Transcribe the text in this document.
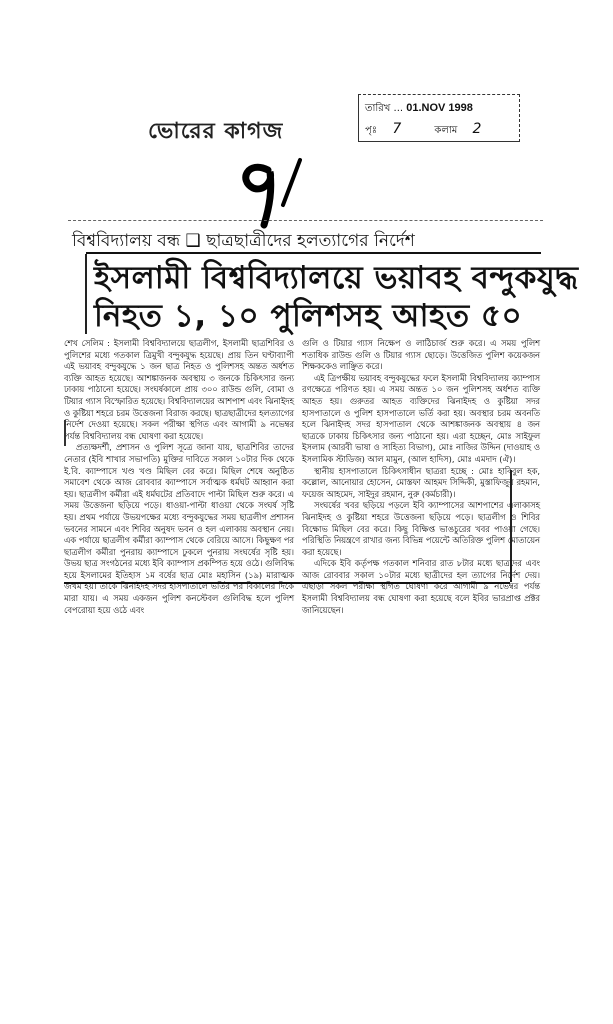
ভোরের কাগজ
তারিখ ... 01.NOV 1998
পৃঃ 7	কলাম 2
বিশ্ববিদ্যালয় বন্ধ ❑ ছাত্রছাত্রীদের হলত্যাগের নির্দেশ
ইসলামী বিশ্ববিদ্যালয়ে ভয়াবহ বন্দুকযুদ্ধ
নিহত ১, ১০ পুলিশসহ আহত ৫০

শেখ সেলিম : ইসলামী বিশ্ববিদ্যালয়ে ছাত্রলীগ, ইসলামী ছাত্রশিবির ও পুলিশের মধ্যে গতকাল ত্রিমুখী বন্দুকযুদ্ধ হয়েছে। প্রায় তিন ঘণ্টাব্যাপী এই ভয়াবহ বন্দুকযুদ্ধে ১ জন ছাত্র নিহত ও পুলিশসহ অন্তত অর্ধশত ব্যক্তি আহত হয়েছে। আশঙ্কাজনক অবস্থায় ৩ জনকে চিকিৎসার জন্য ঢাকায় পাঠানো হয়েছে। সংঘর্ষকালে প্রায় ৩০০ রাউন্ড গুলি, বোমা ও টিয়ার গ্যাস বিস্ফোরিত হয়েছে। বিশ্ববিদ্যালয়ের আশপাশ এবং ঝিনাইদহ ও কুষ্টিয়া শহরে চরম উত্তেজনা বিরাজ করছে। ছাত্রছাত্রীদের হলত্যাগের নির্দেশ দেওয়া হয়েছে। সকল পরীক্ষা স্থগিত এবং আগামী ৯ নভেম্বর পর্যন্ত বিশ্ববিদ্যালয় বন্ধ ঘোষণা করা হয়েছে।

প্রত্যক্ষদর্শী, প্রশাসন ও পুলিশ সূত্রে জানা যায়, ছাত্রশিবির তাদের নেতার (ইবি শাখার সভাপতি) মুক্তির দাবিতে সকাল ১০টার দিক থেকে ই.বি. ক্যাম্পাসে খণ্ড খণ্ড মিছিল বের করে। মিছিল শেষে অনুষ্ঠিত সমাবেশ থেকে আজ রোববার ক্যাম্পাসে সর্বাত্মক ধর্মঘট আহ্বান করা হয়। ছাত্রলীগ কর্মীরা এই ধর্মঘটের প্রতিবাদে পাল্টা মিছিল শুরু করে। এ সময় উত্তেজনা ছড়িয়ে পড়ে। ধাওয়া-পাল্টা ধাওয়া থেকে সংঘর্ষ সৃষ্টি হয়। প্রথম পর্যায়ে উভয়পক্ষের মধ্যে বন্দুকযুদ্ধের সময় ছাত্রলীগ প্রশাসন ভবনের সামনে এবং শিবির অনুষদ ভবন ও হল এলাকায় অবস্থান নেয়। এক পর্যায়ে ছাত্রলীগ কর্মীরা ক্যাম্পাস থেকে বেরিয়ে আসে। কিছুক্ষণ পর ছাত্রলীগ কর্মীরা পুনরায় ক্যাম্পাসে ঢুকলে পুনরায় সংঘর্ষের সৃষ্টি হয়। উভয় ছাত্র সংগঠনের মধ্যে ইবি ক্যাম্পাস প্রকম্পিত হয়ে ওঠে। গুলিবিদ্ধ হয়ে ইসলামের ইতিহাস ১ম বর্ষের ছাত্র মোঃ মহাসিন (১৯) মারাত্মক জখম হয়। তাকে ঝিনাইদহ সদর হাসপাতালে ভর্তির পর বিকালের দিকে মারা যায়। এ সময় একজন পুলিশ কনস্টেবল গুলিবিদ্ধ হলে পুলিশ বেপরোয়া হয়ে ওঠে এবং

গুলি ও টিয়ার গ্যাস নিক্ষেপ ও লাঠিচার্জ শুরু করে। এ সময় পুলিশ শতাধিক রাউন্ড গুলি ও টিয়ার গ্যাস ছোড়ে। উত্তেজিত পুলিশ কয়েকজন শিক্ষককেও লাঞ্ছিত করে।

এই ত্রিপক্ষীয় ভয়াবহ বন্দুকযুদ্ধের ফলে ইসলামী বিশ্ববিদ্যালয় ক্যাম্পাস রণক্ষেত্রে পরিণত হয়। এ সময় অন্তত ১০ জন পুলিশসহ অর্ধশত ব্যক্তি আহত হয়। গুরুতর আহত ব্যক্তিদের ঝিনাইদহ ও কুষ্টিয়া সদর হাসপাতালে ও পুলিশ হাসপাতালে ভর্তি করা হয়। অবস্থার চরম অবনতি হলে ঝিনাইদহ সদর হাসপাতাল থেকে আশঙ্কাজনক অবস্থায় ৪ জন ছাত্রকে ঢাকায় চিকিৎসার জন্য পাঠানো হয়। এরা হচ্ছেন, মোঃ সাইফুল ইসলাম (আরবী ভাষা ও সাহিত্য বিভাগ), মোঃ নাজির উদ্দিন (দাওয়াহ ও ইসলামিক স্টাডিজ) আল মামুন, (আল হাদিস), মোঃ এমদাদ (ঐ)।

স্থানীয় হাসপাতালে চিকিৎসাধীন ছাত্ররা হচ্ছে : মোঃ হাবিবুল হক, কল্লোল, আনোয়ার হোসেন, মোস্তফা আহমদ সিদ্দিকী, মুস্তাফিজুর রহমান, ফয়েজ আহমেদ, সাইদুর রহমান, নুরু (কর্মচারী)।

সংঘর্ষের খবর ছড়িয়ে পড়লে ইবি ক্যাম্পাসের আশপাশের এলাকাসহ ঝিনাইদহ ও কুষ্টিয়া শহরে উত্তেজনা ছড়িয়ে পড়ে। ছাত্রলীগ ও শিবির বিক্ষোভ মিছিল বের করে। কিছু বিক্ষিপ্ত ভাঙচুরের খবর পাওয়া গেছে। পরিস্থিতি নিয়ন্ত্রণে রাখার জন্য বিভিন্ন পয়েন্টে অতিরিক্ত পুলিশ মোতায়েন করা হয়েছে।

এদিকে ইবি কর্তৃপক্ষ গতকাল শনিবার রাত ৮টার মধ্যে ছাত্রদের এবং আজ রোববার সকাল ১০টার মধ্যে ছাত্রীদের হল ত্যাগের নির্দেশ দেয়। এছাড়া সকল পরীক্ষা স্থগিত ঘোষণা করে আগামী ৯ নভেম্বর পর্যন্ত ইসলামী বিশ্ববিদ্যালয় বন্ধ ঘোষণা করা হয়েছে বলে ইবির ভারপ্রাপ্ত প্রক্টর জানিয়েছেন।
